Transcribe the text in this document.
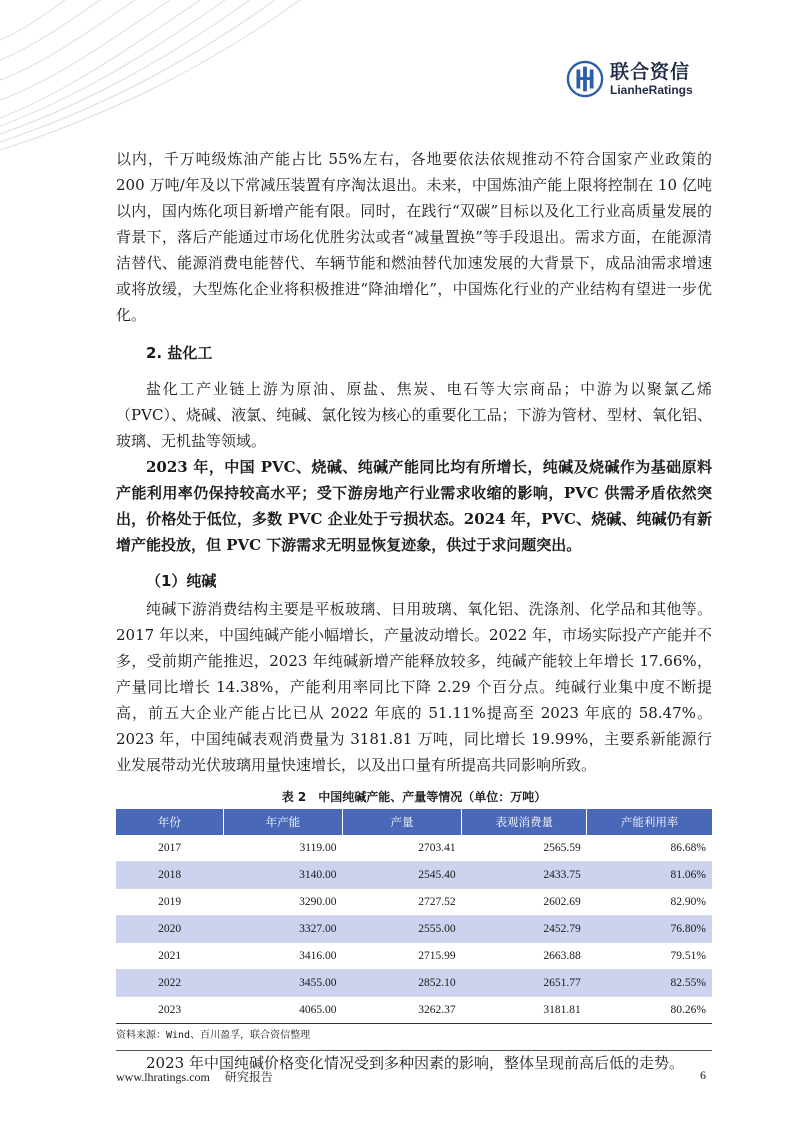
联合资信
LianheRatings

以内，千万吨级炼油产能占比 55%左右，各地要依法依规推动不符合国家产业政策的 200 万吨/年及以下常减压装置有序淘汰退出。未来，中国炼油产能上限将控制在 10 亿吨以内，国内炼化项目新增产能有限。同时，在践行“双碳”目标以及化工行业高质量发展的背景下，落后产能通过市场化优胜劣汰或者“减量置换”等手段退出。需求方面，在能源清洁替代、能源消费电能替代、车辆节能和燃油替代加速发展的大背景下，成品油需求增速或将放缓，大型炼化企业将积极推进“降油增化”，中国炼化行业的产业结构有望进一步优化。

2. 盐化工

盐化工产业链上游为原油、原盐、焦炭、电石等大宗商品；中游为以聚氯乙烯（PVC）、烧碱、液氯、纯碱、氯化铵为核心的重要化工品；下游为管材、型材、氧化铝、玻璃、无机盐等领域。

2023 年，中国 PVC、烧碱、纯碱产能同比均有所增长，纯碱及烧碱作为基础原料产能利用率仍保持较高水平；受下游房地产行业需求收缩的影响，PVC 供需矛盾依然突出，价格处于低位，多数 PVC 企业处于亏损状态。2024 年，PVC、烧碱、纯碱仍有新增产能投放，但 PVC 下游需求无明显恢复迹象，供过于求问题突出。

（1）纯碱

纯碱下游消费结构主要是平板玻璃、日用玻璃、氧化铝、洗涤剂、化学品和其他等。2017 年以来，中国纯碱产能小幅增长，产量波动增长。2022 年，市场实际投产产能并不多，受前期产能推迟，2023 年纯碱新增产能释放较多，纯碱产能较上年增长 17.66%，产量同比增长 14.38%，产能利用率同比下降 2.29 个百分点。纯碱行业集中度不断提高，前五大企业产能占比已从 2022 年底的 51.11%提高至 2023 年底的 58.47%。2023 年，中国纯碱表观消费量为 3181.81 万吨，同比增长 19.99%，主要系新能源行业发展带动光伏玻璃用量快速增长，以及出口量有所提高共同影响所致。

表 2　中国纯碱产能、产量等情况（单位：万吨）
年份	年产能	产量	表观消费量	产能利用率
2017	3119.00	2703.41	2565.59	86.68%
2018	3140.00	2545.40	2433.75	81.06%
2019	3290.00	2727.52	2602.69	82.90%
2020	3327.00	2555.00	2452.79	76.80%
2021	3416.00	2715.99	2663.88	79.51%
2022	3455.00	2852.10	2651.77	82.55%
2023	4065.00	3262.37	3181.81	80.26%
资料来源：Wind、百川盈孚，联合资信整理

2023 年中国纯碱价格变化情况受到多种因素的影响，整体呈现前高后低的走势。

www.lhratings.com　 研究报告	6
